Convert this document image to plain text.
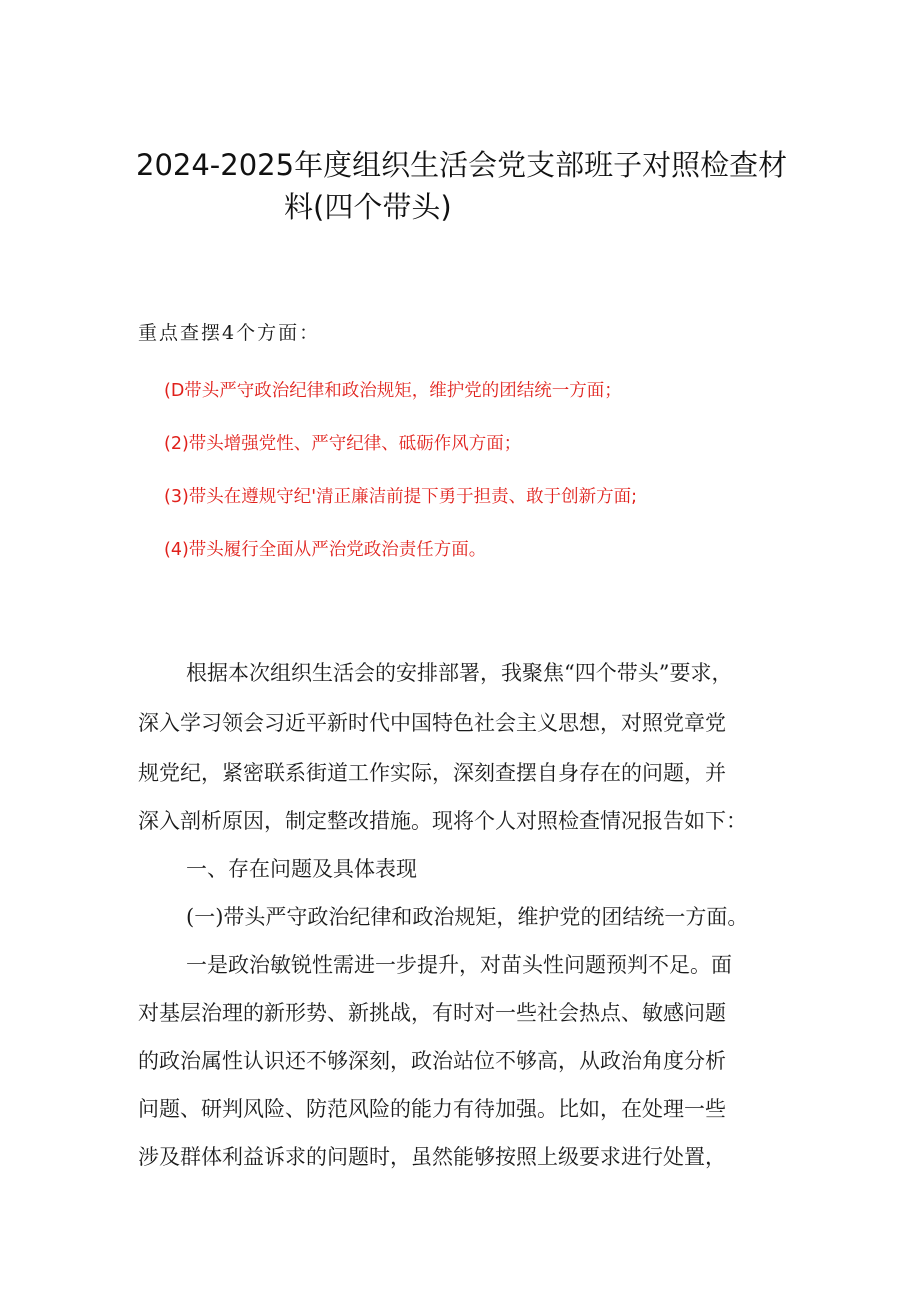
2024-2025年度组织生活会党支部班子对照检查材
料(四个带头)
重点查摆4个方面：
(D带头严守政治纪律和政治规矩，维护党的团结统一方面；
(2)带头增强党性、严守纪律、砥砺作风方面；
(3)带头在遵规守纪'清正廉洁前提下勇于担责、敢于创新方面;
(4)带头履行全面从严治党政治责任方面。
根据本次组织生活会的安排部署，我聚焦“四个带头”要求，
深入学习领会习近平新时代中国特色社会主义思想，对照党章党
规党纪，紧密联系街道工作实际，深刻查摆自身存在的问题，并
深入剖析原因，制定整改措施。现将个人对照检查情况报告如下：
一、存在问题及具体表现
(一)带头严守政治纪律和政治规矩，维护党的团结统一方面。
一是政治敏锐性需进一步提升，对苗头性问题预判不足。面
对基层治理的新形势、新挑战，有时对一些社会热点、敏感问题
的政治属性认识还不够深刻，政治站位不够高，从政治角度分析
问题、研判风险、防范风险的能力有待加强。比如，在处理一些
涉及群体利益诉求的问题时，虽然能够按照上级要求进行处置，
